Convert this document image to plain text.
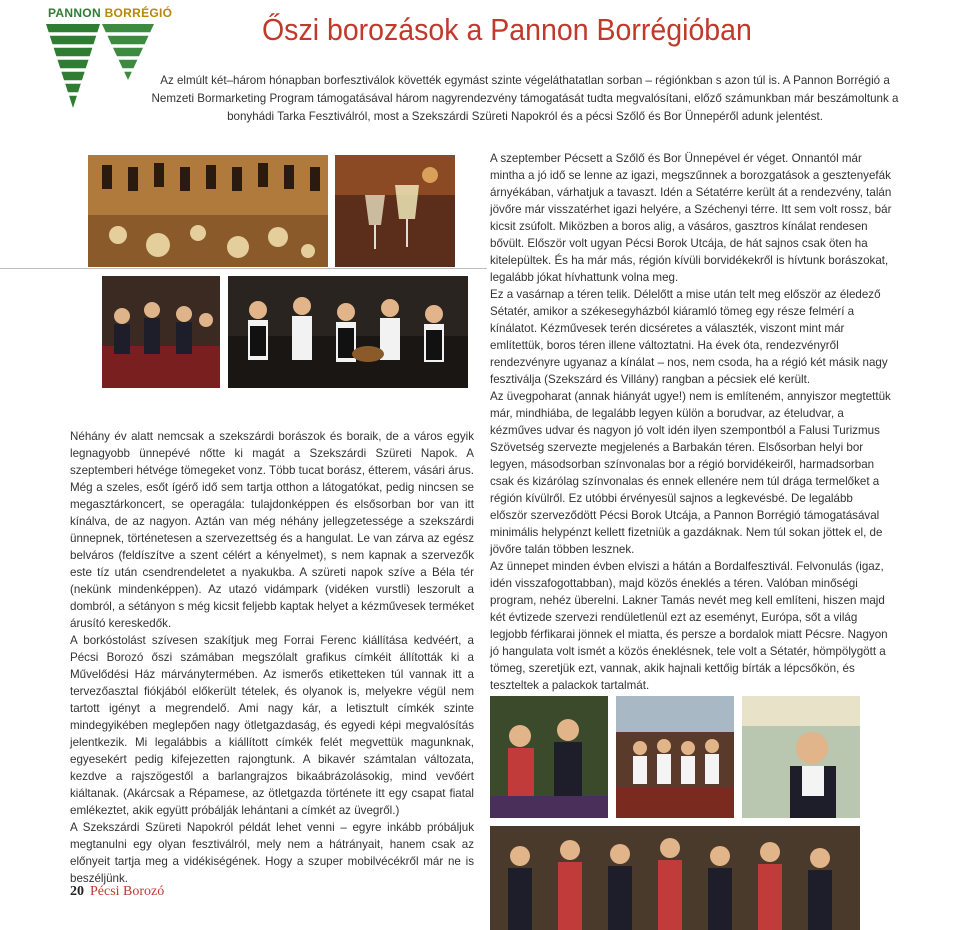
PANNON BORRÉGIÓ	Őszi borozások a Pannon Borrégióban

Az elmúlt két–három hónapban borfesztiválok követték egymást szinte végeláthatatlan sorban – régiónkban s azon túl is. A Pannon Borrégió a Nemzeti Bormarketing Program támogatásával három nagyrendezvény támogatását tudta megvalósítani, előző számunkban már beszámoltunk a bonyhádi Tarka Fesztiválról, most a Szekszárdi Szüreti Napokról és a pécsi Szőlő és Bor Ünnepéről adunk jelentést.

Néhány év alatt nemcsak a szekszárdi borászok és boraik, de a város egyik legnagyobb ünnepévé nőtte ki magát a Szekszárdi Szüreti Napok. A szeptemberi hétvége tömegeket vonz. Több tucat borász, étterem, vásári árus. Még a szeles, esőt ígérő idő sem tartja otthon a látogatókat, pedig nincsen se megasztárkoncert, se operagála: tulajdonképpen és elsősorban bor van itt kínálva, de az nagyon. Aztán van még néhány jellegzetessége a szekszárdi ünnepnek, történetesen a szervezettség és a hangulat. Le van zárva az egész belváros (feldíszítve a szent célért a kényelmet), s nem kapnak a szervezők este tíz után csendrendeletet a nyakukba. A szüreti napok szíve a Béla tér (nekünk mindenképpen). Az utazó vidámpark (vidéken vurstli) leszorult a dombról, a sétányon s még kicsit feljebb kaptak helyet a kézművesek terméket árusító kereskedők.

A borkóstolást szívesen szakítjuk meg Forrai Ferenc kiállítása kedvéért, a Pécsi Borozó őszi számában megszólalt grafikus címkéit állították ki a Művelődési Ház márványtermében. Az ismerős etiketteken túl vannak itt a tervezőasztal fiókjából előkerült tételek, és olyanok is, melyekre végül nem tartott igényt a megrendelő. Ami nagy kár, a letisztult címkék szinte mindegyikében meglepően nagy ötletgazdaság, és egyedi képi megvalósítás jelentkezik. Mi legalábbis a kiállított címkék felét megvettük magunknak, egyesekért pedig kifejezetten rajongtunk. A bikavér számtalan változata, kezdve a rajszögestől a barlangrajzos bikaábrázolásokig, mind vevőért kiáltanak. (Akárcsak a Répamese, az ötletgazda története itt egy csapat fiatal emlékeztet, akik együtt próbálják lehántani a címkét az üvegről.)

A Szekszárdi Szüreti Napokról példát lehet venni – egyre inkább próbáljuk megtanulni egy olyan fesztiválról, mely nem a hátrányait, hanem csak az előnyeit tartja meg a vidékiségének. Hogy a szuper mobilvécékről már ne is beszéljünk.

A szeptember Pécsett a Szőlő és Bor Ünnepével ér véget. Onnantól már mintha a jó idő se lenne az igazi, megszűnnek a borozgatások a gesztenyefák árnyékában, várhatjuk a tavaszt. Idén a Sétatérre került át a rendezvény, talán jövőre már visszatérhet igazi helyére, a Széchenyi térre. Itt sem volt rossz, bár kicsit zsúfolt. Miközben a boros alig, a vásáros, gasztros kínálat rendesen bővült. Először volt ugyan Pécsi Borok Utcája, de hát sajnos csak öten ha kitelepültek. És ha már más, régión kívüli borvidékekről is hívtunk borászokat, legalább jókat hívhattunk volna meg.

Ez a vasárnap a téren telik. Délelőtt a mise után telt meg először az éledező Sétatér, amikor a székesegyházból kiáramló tömeg egy része felmérí a kínálatot. Kézművesek terén dicséretes a választék, viszont mint már említettük, boros téren illene változtatni. Ha évek óta, rendezvényről rendezvényre ugyanaz a kínálat – nos, nem csoda, ha a régió két másik nagy fesztiválja (Szekszárd és Villány) rangban a pécsiek elé került.

Az üvegpoharat (annak hiányát ugye!) nem is említeném, annyiszor megtettük már, mindhiába, de legalább legyen külön a borudvar, az ételudvar, a kézműves udvar és nagyon jó volt idén ilyen szempontból a Falusi Turizmus Szövetség szervezte megjelenés a Barbakán téren. Elsősorban helyi bor legyen, másodsorban színvonalas bor a régió borvidékeiről, harmadsorban csak és kizárólag színvonalas és ennek ellenére nem túl drága termelőket a régión kívülről. Ez utóbbi érvényesül sajnos a legkevésbé. De legalább először szerveződött Pécsi Borok Utcája, a Pannon Borrégió támogatásával minimális helypénzt kellett fizetniük a gazdáknak. Nem túl sokan jöttek el, de jövőre talán többen lesznek.

Az ünnepet minden évben elviszi a hátán a Bordalfesztivál. Felvonulás (igaz, idén visszafogottabban), majd közös éneklés a téren. Valóban minőségi program, nehéz überelni. Lakner Tamás nevét meg kell említeni, hiszen majd két évtizede szervezi rendületlenül ezt az eseményt, Európa, sőt a világ legjobb férfikarai jönnek el miatta, és persze a bordalok miatt Pécsre. Nagyon jó hangulata volt ismét a közös éneklésnek, tele volt a Sétatér, hömpölygött a tömeg, szeretjük ezt, vannak, akik hajnali kettőig bírták a lépcsőkön, és teszteltek a palackok tartalmát.

20 Pécsi Borozó
